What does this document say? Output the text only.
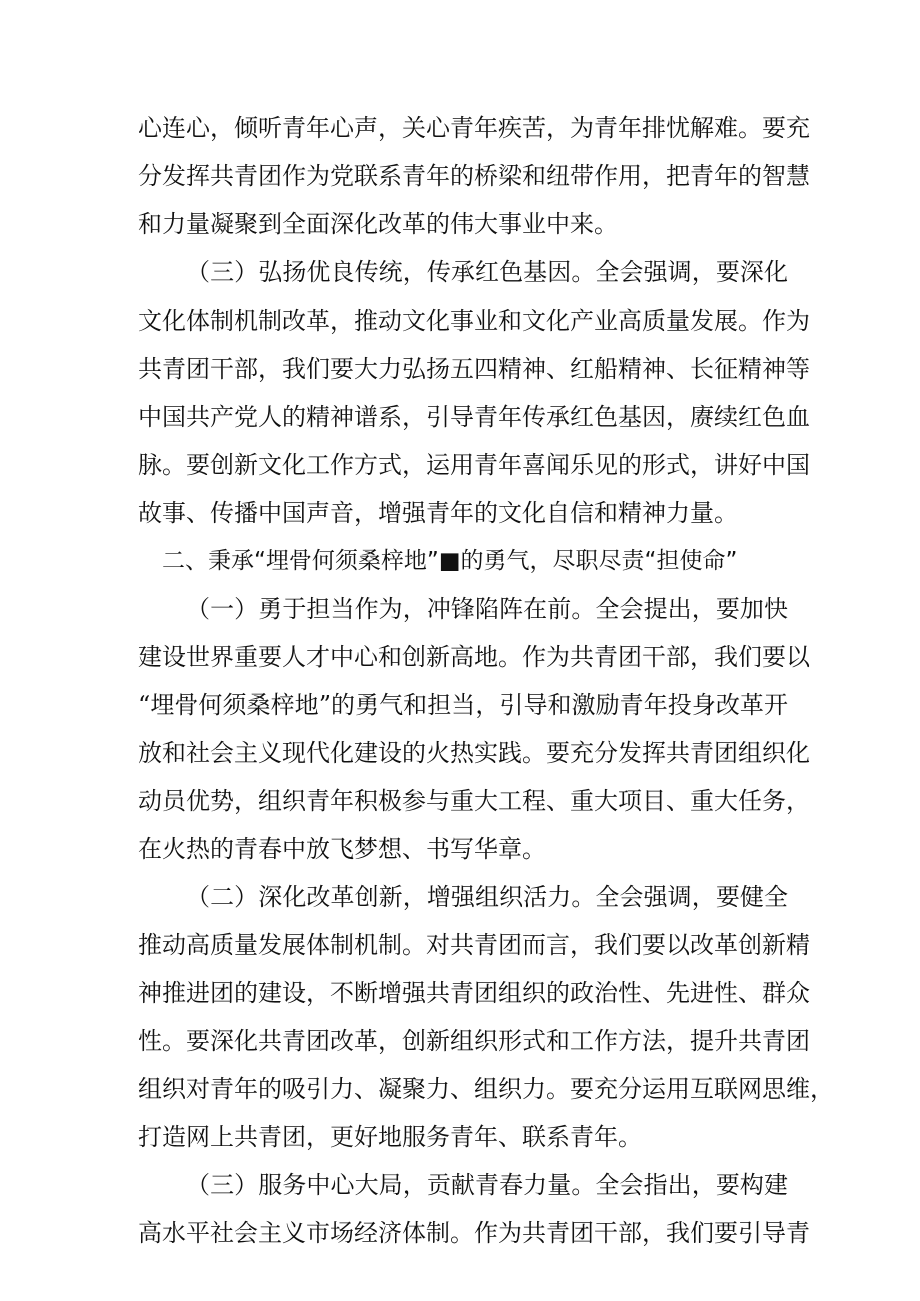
心连心，倾听青年心声，关心青年疾苦，为青年排忧解难。要充
分发挥共青团作为党联系青年的桥梁和纽带作用，把青年的智慧
和力量凝聚到全面深化改革的伟大事业中来。
（三）弘扬优良传统，传承红色基因。全会强调，要深化
文化体制机制改革，推动文化事业和文化产业高质量发展。作为
共青团干部，我们要大力弘扬五四精神、红船精神、长征精神等
中国共产党人的精神谱系，引导青年传承红色基因，赓续红色血
脉。要创新文化工作方式，运用青年喜闻乐见的形式，讲好中国
故事、传播中国声音，增强青年的文化自信和精神力量。
二、秉承“埋骨何须桑梓地”■的勇气，尽职尽责“担使命”
（一）勇于担当作为，冲锋陷阵在前。全会提出，要加快
建设世界重要人才中心和创新高地。作为共青团干部，我们要以
“埋骨何须桑梓地”的勇气和担当，引导和激励青年投身改革开
放和社会主义现代化建设的火热实践。要充分发挥共青团组织化
动员优势，组织青年积极参与重大工程、重大项目、重大任务，
在火热的青春中放飞梦想、书写华章。
（二）深化改革创新，增强组织活力。全会强调，要健全
推动高质量发展体制机制。对共青团而言，我们要以改革创新精
神推进团的建设，不断增强共青团组织的政治性、先进性、群众
性。要深化共青团改革，创新组织形式和工作方法，提升共青团
组织对青年的吸引力、凝聚力、组织力。要充分运用互联网思维，
打造网上共青团，更好地服务青年、联系青年。
（三）服务中心大局，贡献青春力量。全会指出，要构建
高水平社会主义市场经济体制。作为共青团干部，我们要引导青
